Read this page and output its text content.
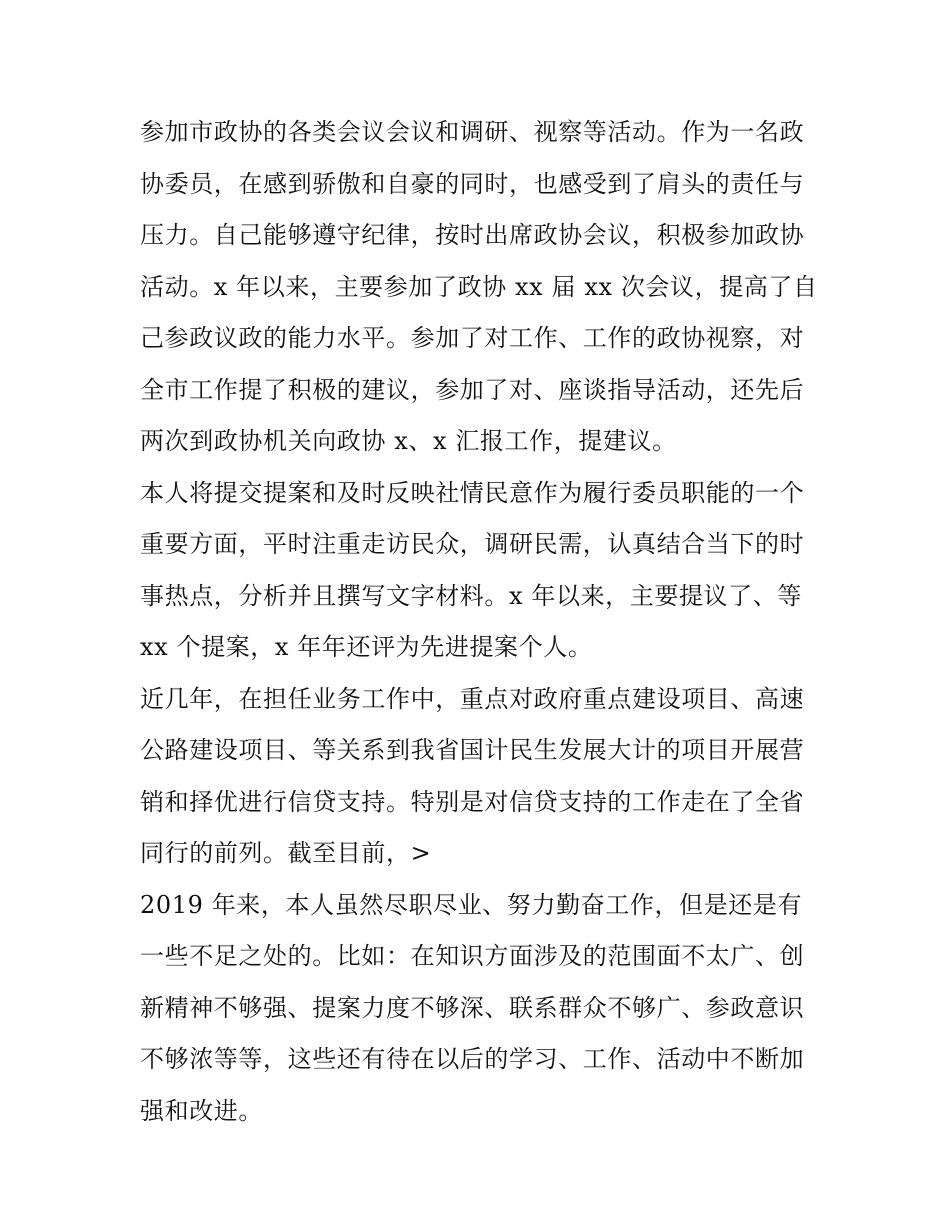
参加市政协的各类会议会议和调研、视察等活动。作为一名政
协委员，在感到骄傲和自豪的同时，也感受到了肩头的责任与
压力。自己能够遵守纪律，按时出席政协会议，积极参加政协
活动。x 年以来，主要参加了政协 xx 届 xx 次会议，提高了自
己参政议政的能力水平。参加了对工作、工作的政协视察，对
全市工作提了积极的建议，参加了对、座谈指导活动，还先后
两次到政协机关向政协 x、x 汇报工作，提建议。
本人将提交提案和及时反映社情民意作为履行委员职能的一个
重要方面，平时注重走访民众，调研民需，认真结合当下的时
事热点，分析并且撰写文字材料。x 年以来，主要提议了、等
xx 个提案，x 年年还评为先进提案个人。
近几年，在担任业务工作中，重点对政府重点建设项目、高速
公路建设项目、等关系到我省国计民生发展大计的项目开展营
销和择优进行信贷支持。特别是对信贷支持的工作走在了全省
同行的前列。截至目前，>
2019 年来，本人虽然尽职尽业、努力勤奋工作，但是还是有
一些不足之处的。比如：在知识方面涉及的范围面不太广、创
新精神不够强、提案力度不够深、联系群众不够广、参政意识
不够浓等等，这些还有待在以后的学习、工作、活动中不断加
强和改进。
